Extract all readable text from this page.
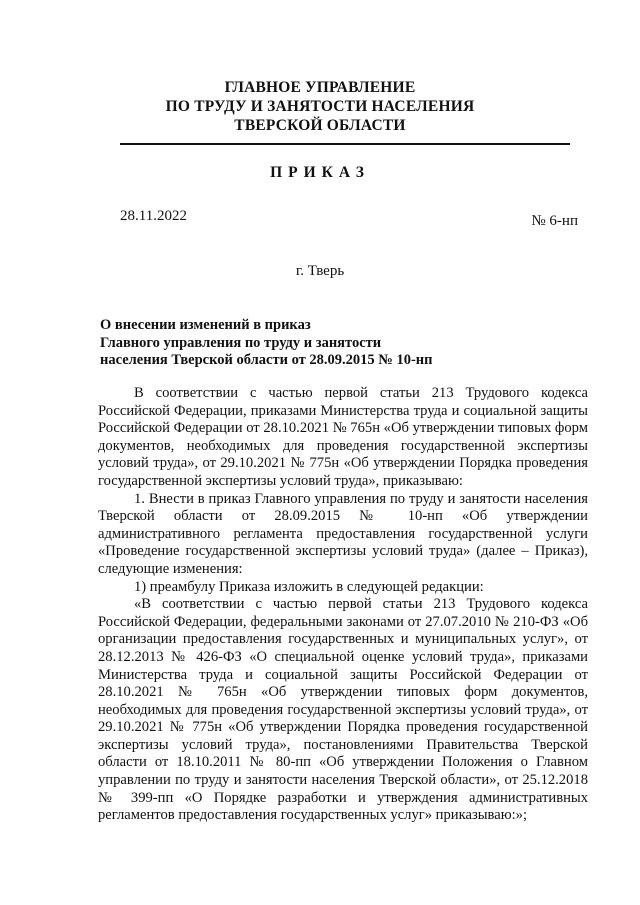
ГЛАВНОЕ УПРАВЛЕНИЕ
ПО ТРУДУ И ЗАНЯТОСТИ НАСЕЛЕНИЯ
ТВЕРСКОЙ ОБЛАСТИ
ПРИКАЗ
28.11.2022	№ 6-нп
г. Тверь
О внесении изменений в приказ
Главного управления по труду и занятости
населения Тверской области от 28.09.2015 № 10-нп

В соответствии с частью первой статьи 213 Трудового кодекса Российской Федерации, приказами Министерства труда и социальной защиты Российской Федерации от 28.10.2021 № 765н «Об утверждении типовых форм документов, необходимых для проведения государственной экспертизы условий труда», от 29.10.2021 № 775н «Об утверждении Порядка проведения государственной экспертизы условий труда», приказываю:

1. Внести в приказ Главного управления по труду и занятости населения Тверской области от 28.09.2015 № 10-нп «Об утверждении административного регламента предоставления государственной услуги «Проведение государственной экспертизы условий труда» (далее – Приказ), следующие изменения:

1) преамбулу Приказа изложить в следующей редакции:

«В соответствии с частью первой статьи 213 Трудового кодекса Российской Федерации, федеральными законами от 27.07.2010 № 210-ФЗ «Об организации предоставления государственных и муниципальных услуг», от 28.12.2013 № 426-ФЗ «О специальной оценке условий труда», приказами Министерства труда и социальной защиты Российской Федерации от 28.10.2021 № 765н «Об утверждении типовых форм документов, необходимых для проведения государственной экспертизы условий труда», от 29.10.2021 № 775н «Об утверждении Порядка проведения государственной экспертизы условий труда», постановлениями Правительства Тверской области от 18.10.2011 № 80-пп «Об утверждении Положения о Главном управлении по труду и занятости населения Тверской области», от 25.12.2018 № 399-пп «О Порядке разработки и утверждения административных регламентов предоставления государственных услуг» приказываю:»;
